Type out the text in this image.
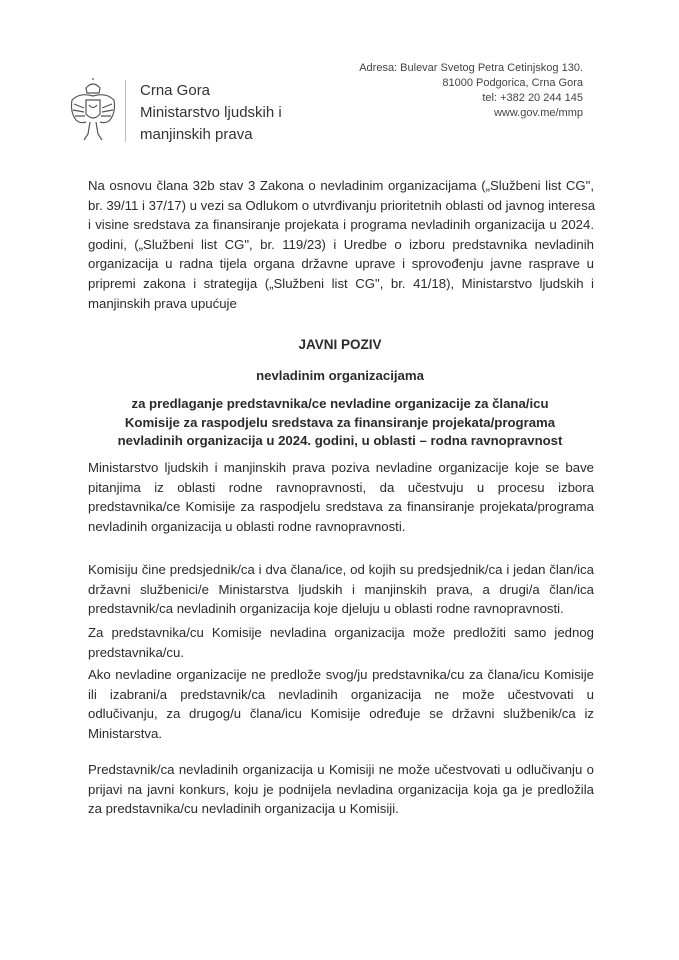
Crna Gora
Ministarstvo ljudskih i
manjinskih prava
Adresa: Bulevar Svetog Petra Cetinjskog 130.
81000 Podgorica, Crna Gora
tel: +382 20 244 145
www.gov.me/mmp
Na osnovu člana 32b stav 3 Zakona o nevladinim organizacijama („Službeni list CG",
br. 39/11 i 37/17) u vezi sa Odlukom o utvrđivanju prioritetnih oblasti od javnog interesa
i visine sredstava za finansiranje projekata i programa nevladinih organizacija u 2024.
godini, („Službeni list CG", br. 119/23) i Uredbe o izboru predstavnika nevladinih
organizacija u radna tijela organa državne uprave i sprovođenju javne rasprave u
pripremi zakona i strategija („Službeni list CG", br. 41/18), Ministarstvo ljudskih i
manjinskih prava upućuje
JAVNI POZIV
nevladinim organizacijama
za predlaganje predstavnika/ce nevladine organizacije za člana/icu
Komisije za raspodjelu sredstava za finansiranje projekata/programa
nevladinih organizacija u 2024. godini, u oblasti – rodna ravnopravnost
Ministarstvo ljudskih i manjinskih prava poziva nevladine organizacije koje se bave
pitanjima iz oblasti rodne ravnopravnosti, da učestvuju u procesu izbora
predstavnika/ce Komisije za raspodjelu sredstava za finansiranje projekata/programa
nevladinih organizacija u oblasti rodne ravnopravnosti.
Komisiju čine predsjednik/ca i dva člana/ice, od kojih su predsjednik/ca i jedan član/ica
državni službenici/e Ministarstva ljudskih i manjinskih prava, a drugi/a član/ica
predstavnik/ca nevladinih organizacija koje djeluju u oblasti rodne ravnopravnosti.
Za predstavnika/cu Komisije nevladina organizacija može predložiti samo jednog
predstavnika/cu.
Ako nevladine organizacije ne predlože svog/ju predstavnika/cu za člana/icu Komisije
ili izabrani/a predstavnik/ca nevladinih organizacija ne može učestvovati u
odlučivanju, za drugog/u člana/icu Komisije određuje se državni službenik/ca iz
Ministarstva.
Predstavnik/ca nevladinih organizacija u Komisiji ne može učestvovati u odlučivanju o
prijavi na javni konkurs, koju je podnijela nevladina organizacija koja ga je predložila
za predstavnika/cu nevladinih organizacija u Komisiji.
